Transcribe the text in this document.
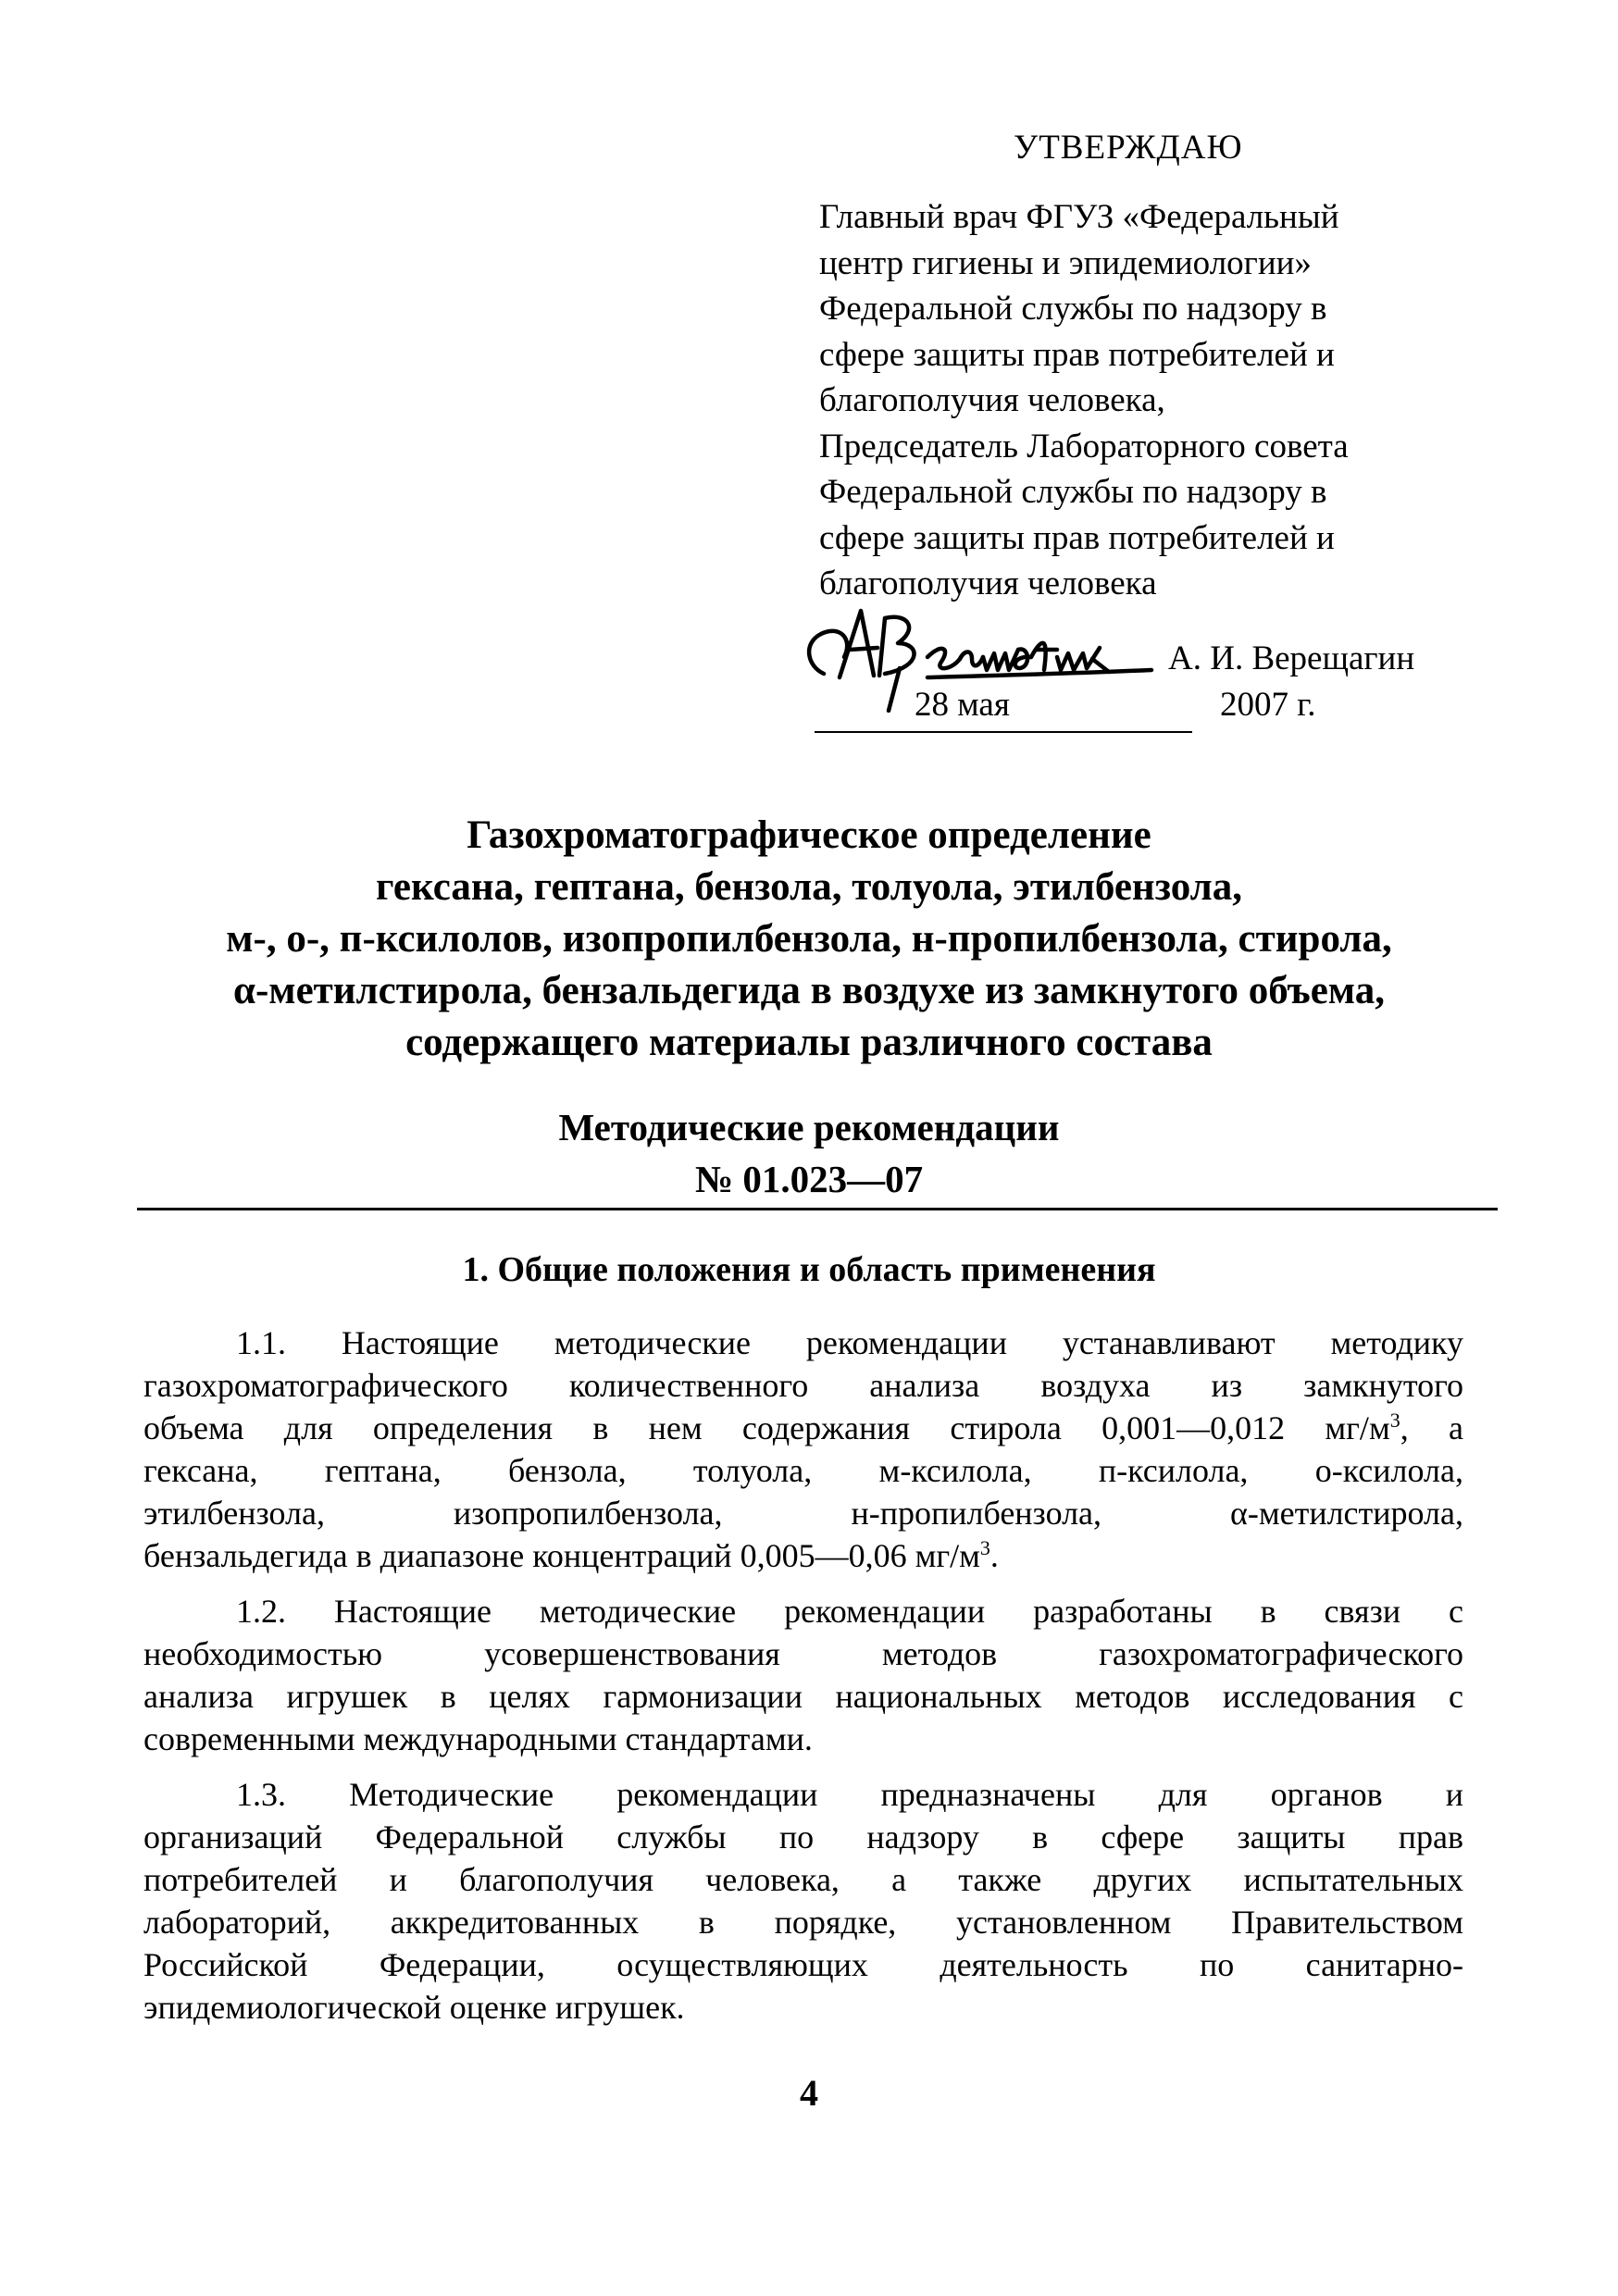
УТВЕРЖДАЮ
Главный врач ФГУЗ «Федеральный
центр гигиены и эпидемиологии»
Федеральной службы по надзору в
сфере защиты прав потребителей и
благополучия человека,
Председатель Лабораторного совета
Федеральной службы по надзору в
сфере защиты прав потребителей и
благополучия человека
А. И. Верещагин
28 мая	2007 г.
Газохроматографическое определение
гексана, гептана, бензола, толуола, этилбензола,
м-, о-, п-ксилолов, изопропилбензола, н-пропилбензола, стирола,
α-метилстирола, бензальдегида в воздухе из замкнутого объема,
содержащего материалы различного состава
Методические рекомендации
№ 01.023—07
1. Общие положения и область применения
1.1. Настоящие методические рекомендации устанавливают методику
газохроматографического количественного анализа воздуха из замкнутого
объема для определения в нем содержания стирола 0,001—0,012 $мг/м^3$, а
гексана, гептана, бензола, толуола, м-ксилола, п-ксилола, о-ксилола,
этилбензола, изопропилбензола, н-пропилбензола, α-метилстирола,
бензальдегида в диапазоне концентраций 0,005—0,06 $мг/м^3$.
1.2. Настоящие методические рекомендации разработаны в связи с
необходимостью усовершенствования методов газохроматографического
анализа игрушек в целях гармонизации национальных методов исследования с
современными международными стандартами.
1.3. Методические рекомендации предназначены для органов и
организаций Федеральной службы по надзору в сфере защиты прав
потребителей и благополучия человека, а также других испытательных
лабораторий, аккредитованных в порядке, установленном Правительством
Российской Федерации, осуществляющих деятельность по санитарно-
эпидемиологической оценке игрушек.
4
